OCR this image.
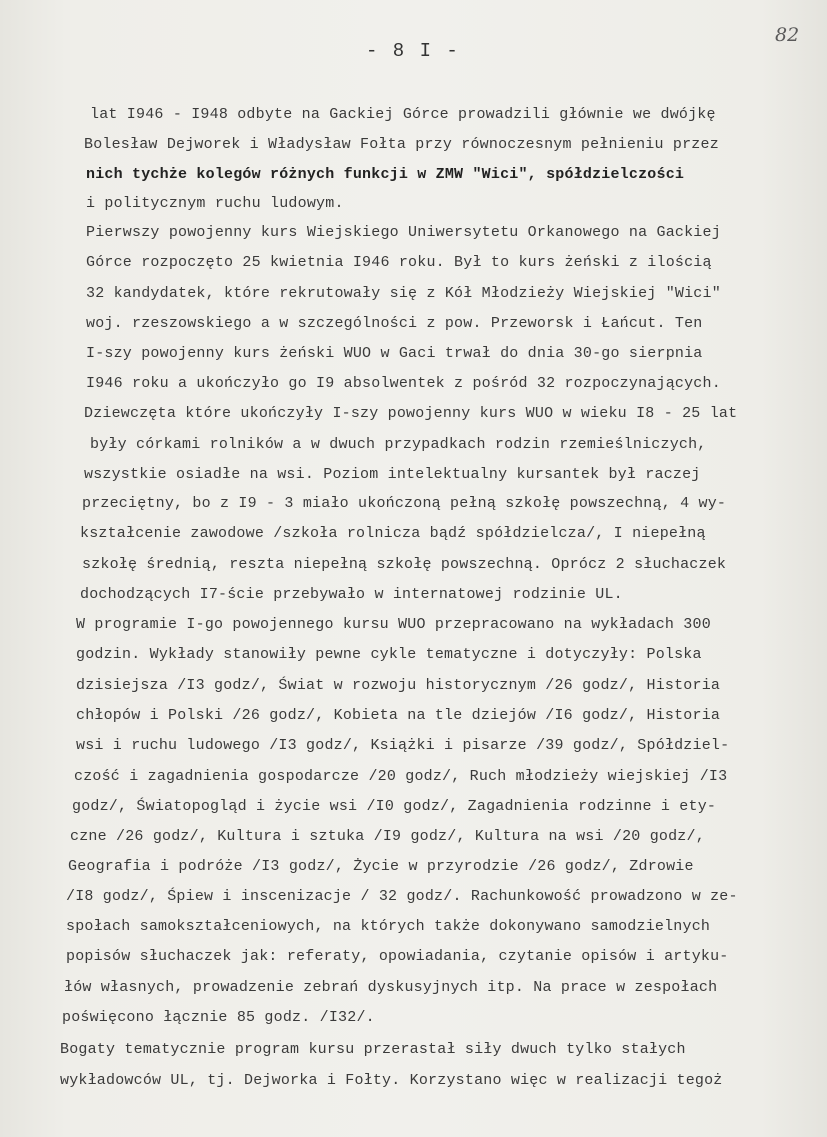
- 8 I -
82
lat I946 - I948 odbyte na Gackiej Górce prowadzili głównie we dwójkę
Bolesław Dejworek i Władysław Fołta przy równoczesnym pełnieniu przez
nich tychże kolegów różnych funkcji w ZMW "Wici", spółdzielczości
i politycznym ruchu ludowym.
Pierwszy powojenny kurs Wiejskiego Uniwersytetu Orkanowego na Gackiej
Górce rozpoczęto 25 kwietnia I946 roku. Był to kurs żeński z ilością
32 kandydatek, które rekrutowały się z Kół Młodzieży Wiejskiej "Wici"
woj. rzeszowskiego a w szczególności z pow. Przeworsk i Łańcut. Ten
I-szy powojenny kurs żeński WUO w Gaci trwał do dnia 30-go sierpnia
I946 roku a ukończyło go I9 absolwentek z pośród 32 rozpoczynających.
Dziewczęta które ukończyły I-szy powojenny kurs WUO w wieku I8 - 25 lat
były córkami rolników a w dwuch przypadkach rodzin rzemieślniczych,
wszystkie osiadłe na wsi. Poziom intelektualny kursantek był raczej
przeciętny, bo z I9 - 3 miało ukończoną pełną szkołę powszechną, 4 wy-
kształcenie zawodowe /szkoła rolnicza bądź spółdzielcza/, I niepełną
szkołę średnią, reszta niepełną szkołę powszechną. Oprócz 2 słuchaczek
dochodzących I7-ście przebywało w internatowej rodzinie UL.
W programie I-go powojennego kursu WUO przepracowano na wykładach 300
godzin. Wykłady stanowiły pewne cykle tematyczne i dotyczyły: Polska
dzisiejsza /I3 godz/, Świat w rozwoju historycznym /26 godz/, Historia
chłopów i Polski /26 godz/, Kobieta na tle dziejów /I6 godz/, Historia
wsi i ruchu ludowego /I3 godz/, Książki i pisarze /39 godz/, Spółdziel-
czość i zagadnienia gospodarcze /20 godz/, Ruch młodzieży wiejskiej /I3
godz/, Światopogląd i życie wsi /I0 godz/, Zagadnienia rodzinne i ety-
czne /26 godz/, Kultura i sztuka /I9 godz/, Kultura na wsi /20 godz/,
Geografia i podróże /I3 godz/, Życie w przyrodzie /26 godz/, Zdrowie
/I8 godz/, Śpiew i inscenizacje / 32 godz/. Rachunkowość prowadzono w ze-
społach samokształceniowych, na których także dokonywano samodzielnych
popisów słuchaczek jak: referaty, opowiadania, czytanie opisów i artyku-
łów własnych, prowadzenie zebrań dyskusyjnych itp. Na prace w zespołach
poświęcono łącznie 85 godz. /I32/.
Bogaty tematycznie program kursu przerastał siły dwuch tylko stałych
wykładowców UL, tj. Dejworka i Fołty. Korzystano więc w realizacji tegoż
